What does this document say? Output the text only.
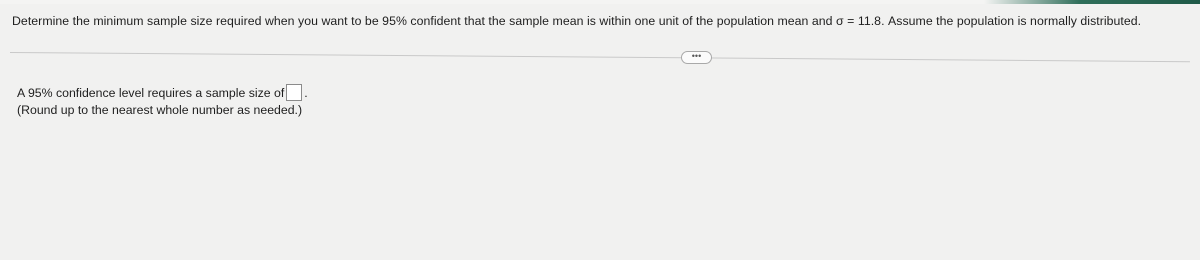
Determine the minimum sample size required when you want to be 95% confident that the sample mean is within one unit of the population mean and σ = 11.8. Assume the population is normally distributed.
•••
A 95% confidence level requires a sample size of .
(Round up to the nearest whole number as needed.)
